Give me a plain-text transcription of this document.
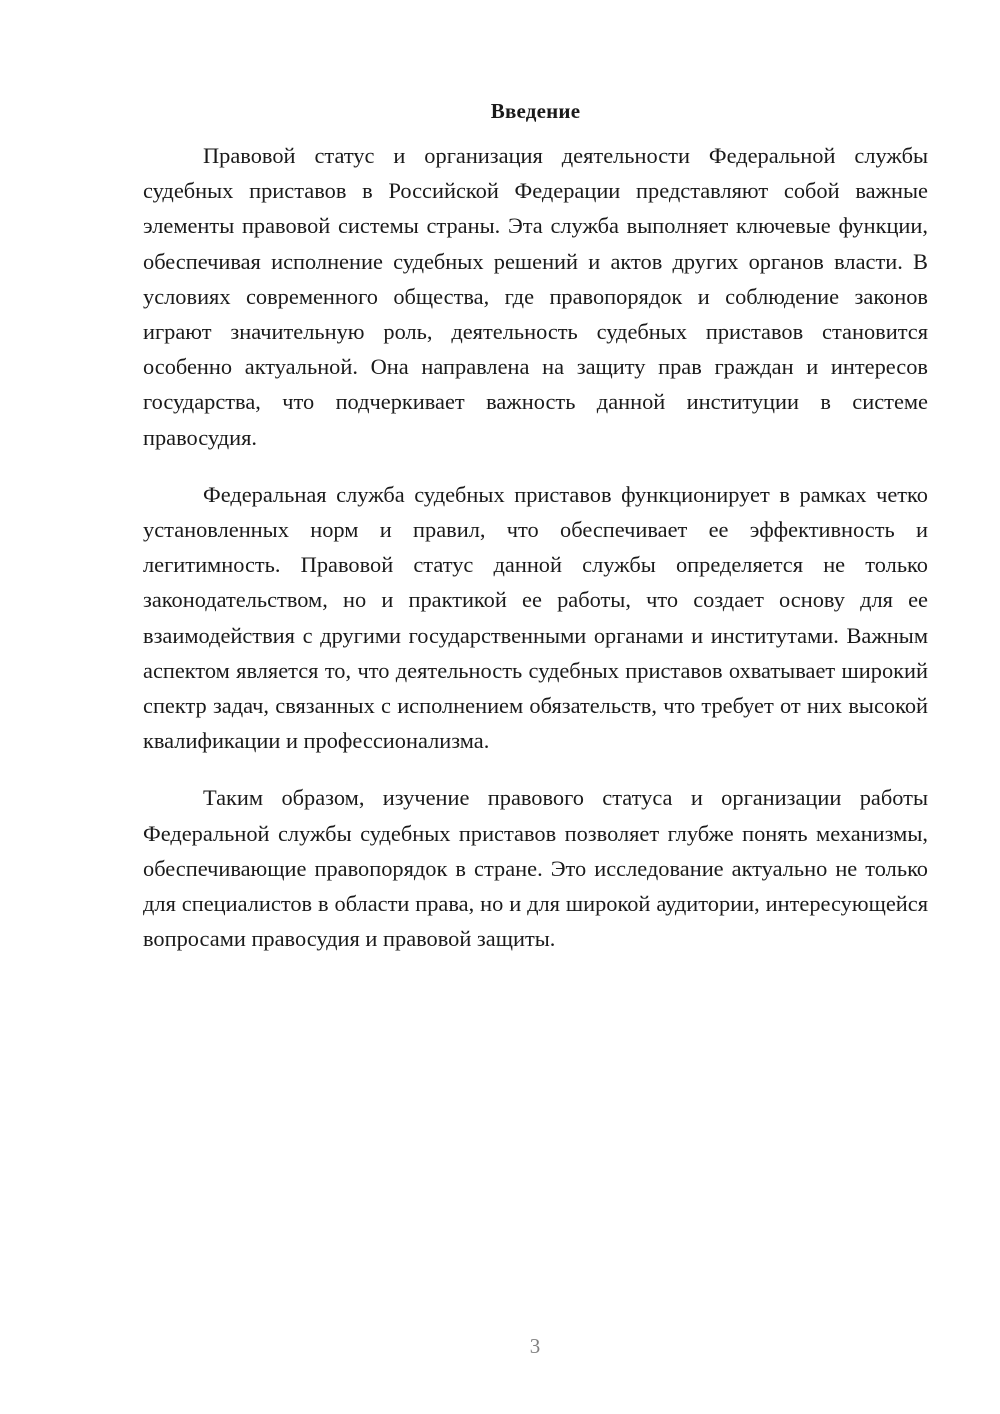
Введение

Правовой статус и организация деятельности Федеральной службы судебных приставов в Российской Федерации представляют собой важные элементы правовой системы страны. Эта служба выполняет ключевые функции, обеспечивая исполнение судебных решений и актов других органов власти. В условиях современного общества, где правопорядок и соблюдение законов играют значительную роль, деятельность судебных приставов становится особенно актуальной. Она направлена на защиту прав граждан и интересов государства, что подчеркивает важность данной институции в системе правосудия.

Федеральная служба судебных приставов функционирует в рамках четко установленных норм и правил, что обеспечивает ее эффективность и легитимность. Правовой статус данной службы определяется не только законодательством, но и практикой ее работы, что создает основу для ее взаимодействия с другими государственными органами и институтами. Важным аспектом является то, что деятельность судебных приставов охватывает широкий спектр задач, связанных с исполнением обязательств, что требует от них высокой квалификации и профессионализма.

Таким образом, изучение правового статуса и организации работы Федеральной службы судебных приставов позволяет глубже понять механизмы, обеспечивающие правопорядок в стране. Это исследование актуально не только для специалистов в области права, но и для широкой аудитории, интересующейся вопросами правосудия и правовой защиты.

3
